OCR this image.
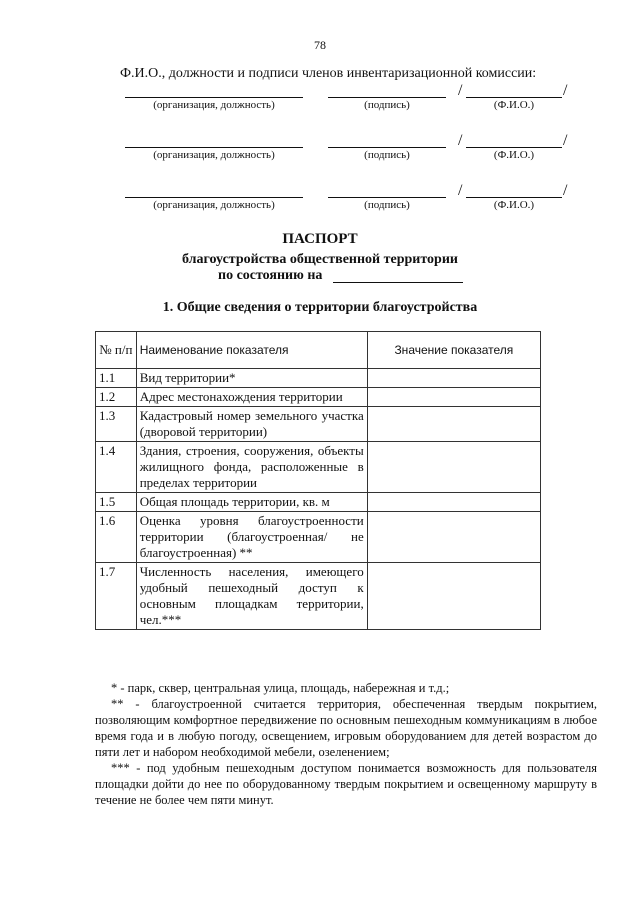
78
Ф.И.О., должности и подписи членов инвентаризационной комиссии:
/	/
(организация, должность)	(подпись)	(Ф.И.О.)
/	/
(организация, должность)	(подпись)	(Ф.И.О.)
/	/
(организация, должность)	(подпись)	(Ф.И.О.)
ПАСПОРТ
благоустройства общественной территории
по состоянию на
1. Общие сведения о территории благоустройства
№ п/п	Наименование показателя	Значение показателя
1.1	Вид территории*	
1.2	Адрес местонахождения территории	
1.3	Кадастровый номер земельного участка (дворовой территории)	
1.4	Здания, строения, сооружения, объекты жилищного фонда, расположенные в пределах территории	
1.5	Общая площадь территории, кв. м	
1.6	Оценка уровня благоустроенности территории (благоустроенная/ не благоустроенная) **	
1.7	Численность населения, имеющего удобный пешеходный доступ к основным площадкам территории, чел.***	

* - парк, сквер, центральная улица, площадь, набережная и т.д.;

** - благоустроенной считается территория, обеспеченная твердым покрытием, позволяющим комфортное передвижение по основным пешеходным коммуникациям в любое время года и в любую погоду, освещением, игровым оборудованием для детей возрастом до пяти лет и набором необходимой мебели, озеленением;

*** - под удобным пешеходным доступом понимается возможность для пользователя площадки дойти до нее по оборудованному твердым покрытием и освещенному маршруту в течение не более чем пяти минут.
